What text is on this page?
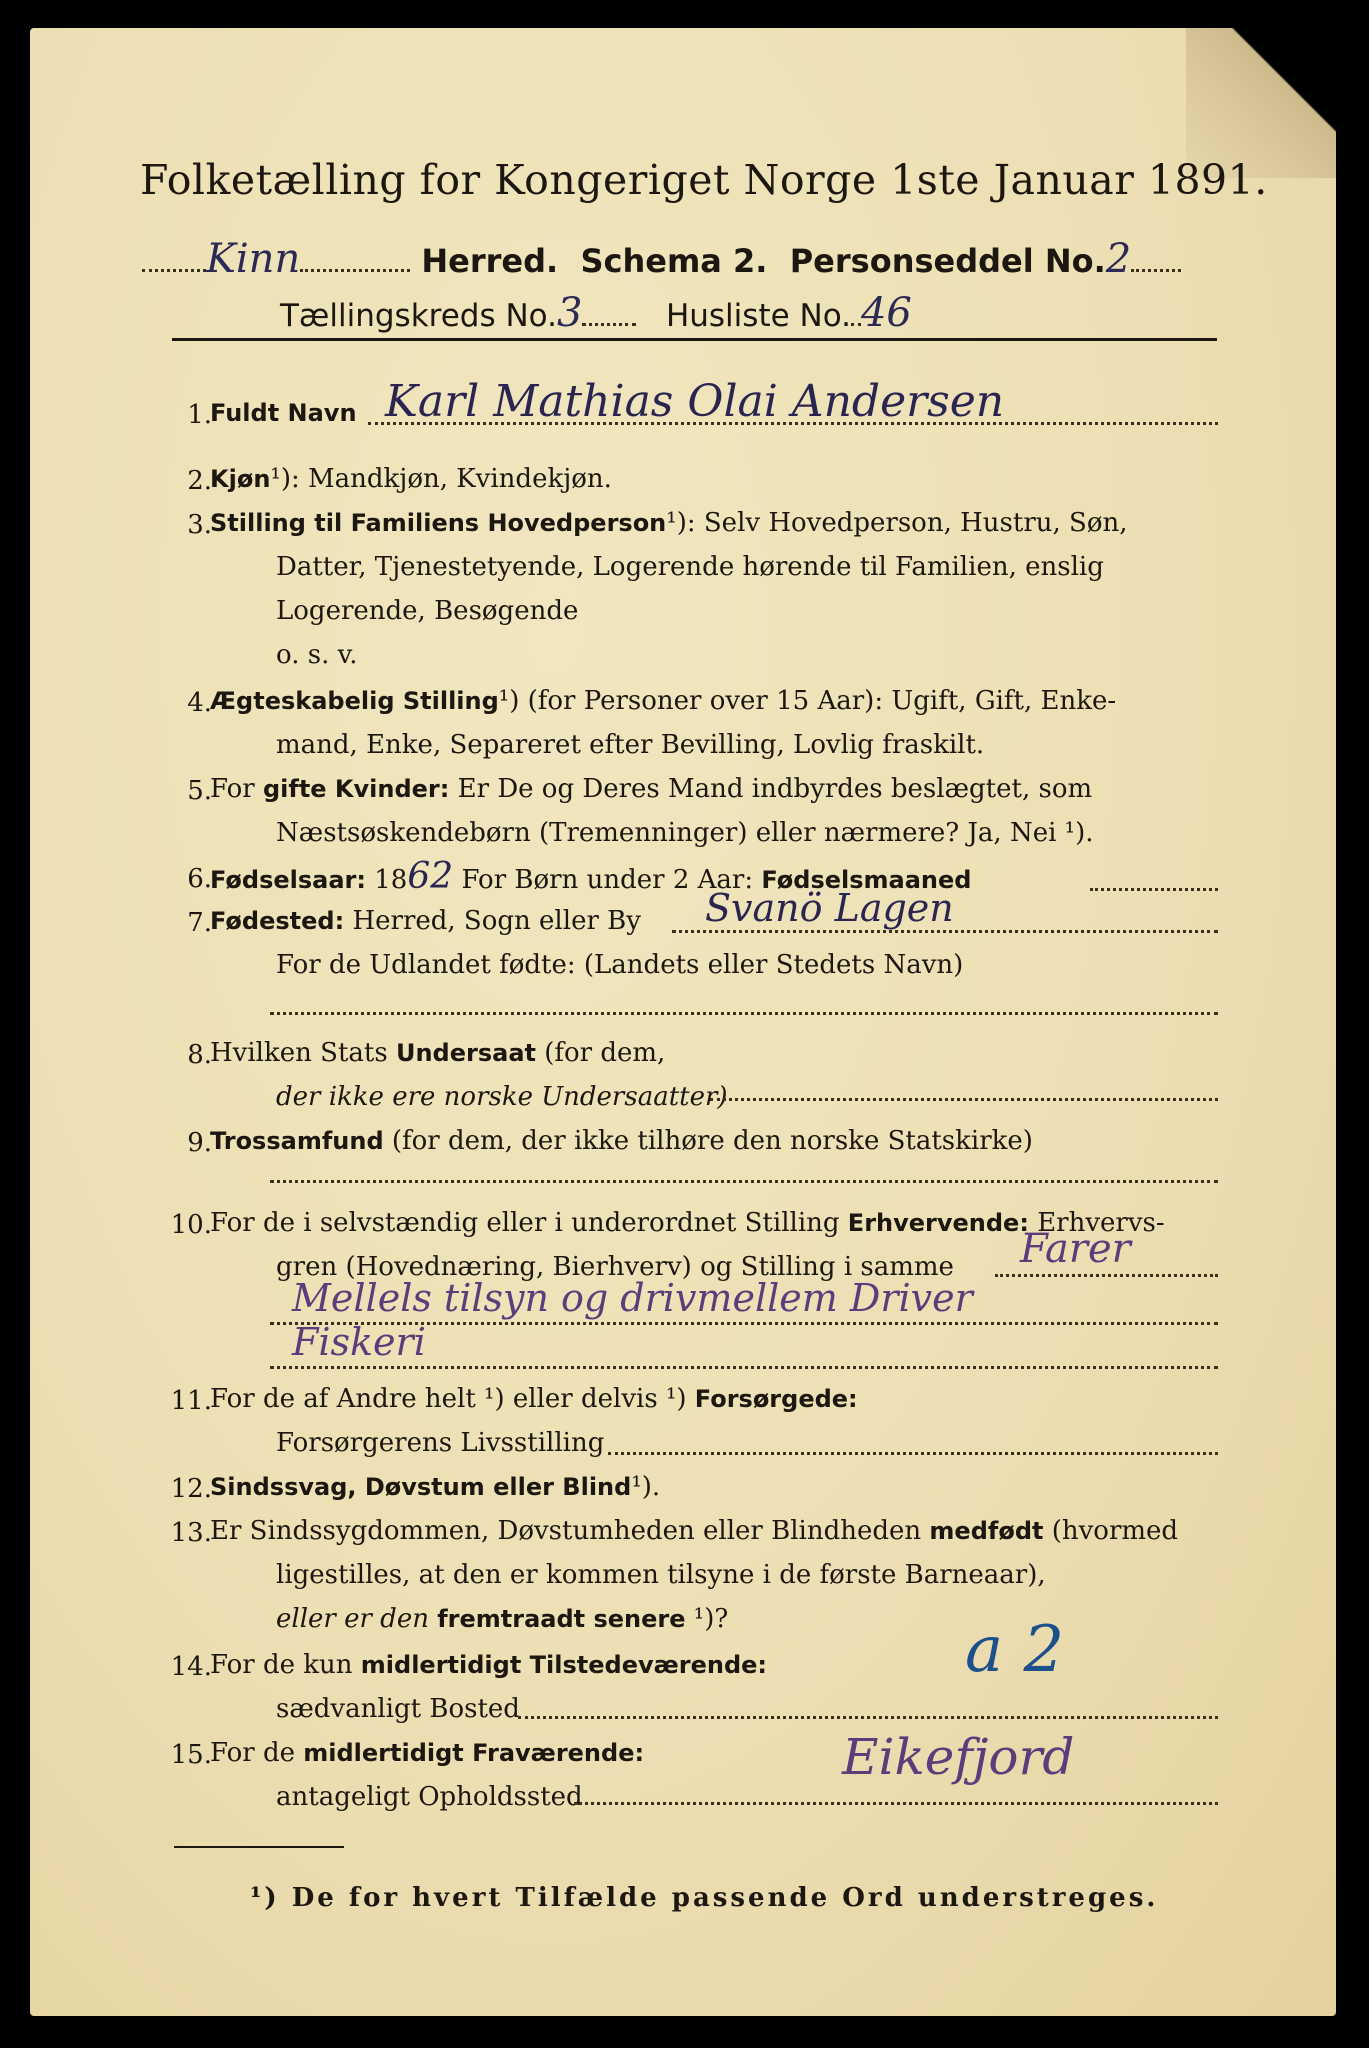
Folketælling for Kongeriget Norge 1ste Januar 1891.
Kinn	Herred. Schema 2. Personseddel No.2
Tællingskreds No.3	Husliste No. 46
1.
Fuldt Navn Karl Mathias Olai Andersen
2.
Kjøn¹): Mandkjøn, Kvindekjøn.
3.
Stilling til Familiens Hovedperson¹): Selv Hovedperson, Hustru, Søn,
Datter, Tjenestetyende, Logerende hørende til Familien, enslig
Logerende, Besøgende
o. s. v.
4.
Ægteskabelig Stilling¹) (for Personer over 15 Aar): Ugift, Gift, Enke-
mand, Enke, Separeret efter Bevilling, Lovlig fraskilt.
5.
For gifte Kvinder: Er De og Deres Mand indbyrdes beslægtet, som
Næstsøskendebørn (Tremenninger) eller nærmere? Ja, Nei ¹).
6.
Fødselsaar: 1862 For Børn under 2 Aar: Fødselsmaaned
7.
Fødested: Herred, Sogn eller By
For de Udlandet fødte: (Landets eller Stedets Navn)
Svanö Lagen
8.
Hvilken Stats Undersaat (for dem,
der ikke ere norske Undersaatter)
9.
Trossamfund (for dem, der ikke tilhøre den norske Statskirke)
10.
For de i selvstændig eller i underordnet Stilling Erhvervende: Erhvervs-
gren (Hovednæring, Bierhverv) og Stilling i samme	Farer
Mellels tilsyn og drivmellem Driver
Fiskeri
11.
For de af Andre helt ¹) eller delvis ¹) Forsørgede:
Forsørgerens Livsstilling
12.
Sindssvag, Døvstum eller Blind¹).
13.
Er Sindssygdommen, Døvstumheden eller Blindheden medfødt (hvormed
ligestilles, at den er kommen tilsyne i de første Barneaar),
eller er den fremtraadt senere ¹)?	a 2
14.
For de kun midlertidigt Tilstedeværende:
sædvanligt Bosted
15.
For de midlertidigt Fraværende:
antageligt Opholdssted
Eikefjord
¹) De for hvert Tilfælde passende Ord understreges.
